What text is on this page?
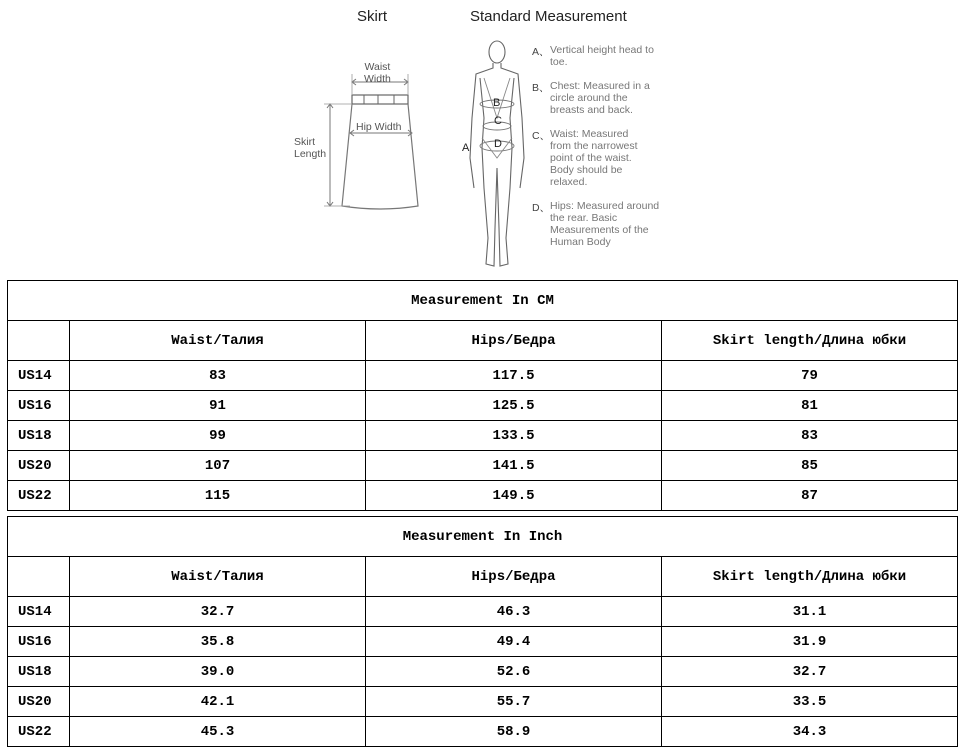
Skirt	Standard Measurement
Waist
Width
Hip Width
Skirt
Length
B
C
D
A
A、 Vertical height head to toe.
B、 Chest: Measured in a circle around the breasts and back.
C、 Waist: Measured from the narrowest point of the waist. Body should be relaxed.
D、 Hips: Measured around the rear. Basic Measurements of the Human Body
Measurement In CM			
	Waist/Талия	Hips/Бедра	Skirt length/Длина юбки
US14	83	117.5	79
US16	91	125.5	81
US18	99	133.5	83
US20	107	141.5	85
US22	115	149.5	87
Measurement In Inch			
	Waist/Талия	Hips/Бедра	Skirt length/Длина юбки
US14	32.7	46.3	31.1
US16	35.8	49.4	31.9
US18	39.0	52.6	32.7
US20	42.1	55.7	33.5
US22	45.3	58.9	34.3
